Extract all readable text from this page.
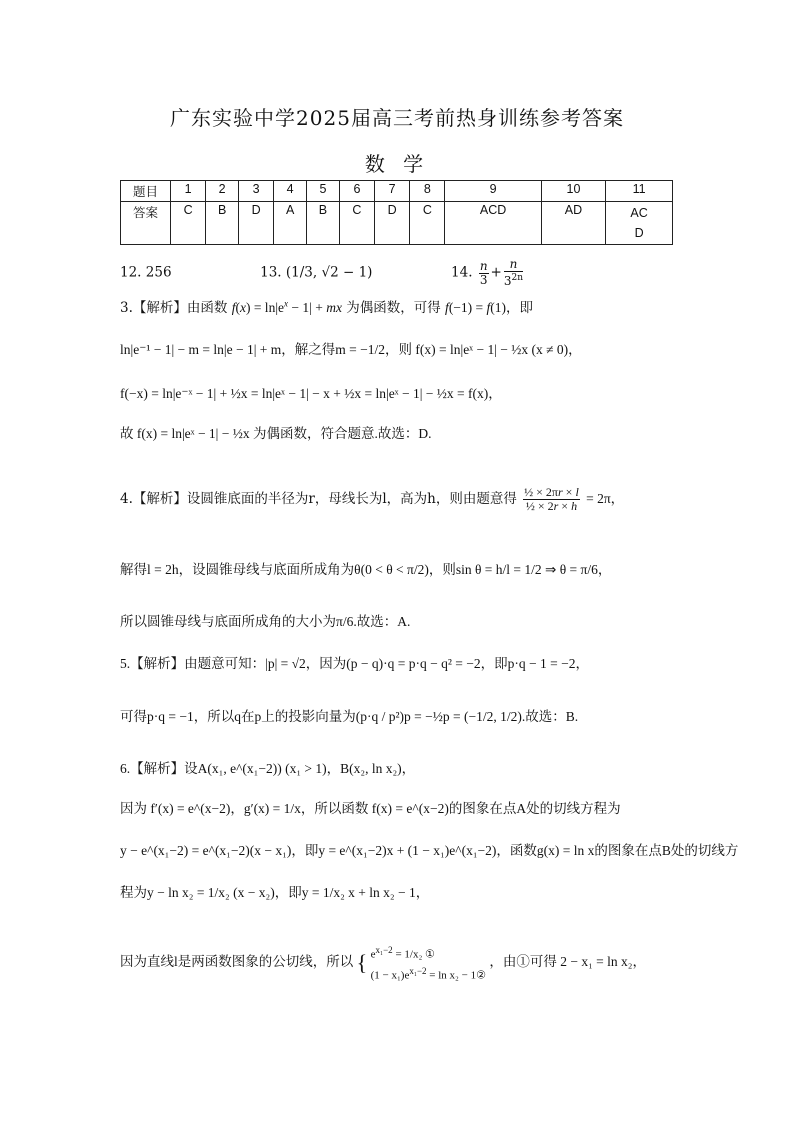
广东实验中学2025届高三考前热身训练参考答案
数 学
题目	1	2	3	4	5	6	7	8	9	10	11
答案	C	B	D	A	B	C	D	C	ACD	AD	ACD
12. 256	13. (1/3, √2 − 1)	14. $\frac{n}{3} + \frac{n}{3^{2n}}$
3.【解析】由函数 $f(x) = \ln|e^x - 1|$ + mx 为偶函数，可得 f(−1) = f(1)，即
ln|e⁻¹ − 1| − m = ln|e − 1| + m，解之得m = −1/2，则 f(x) = ln|eˣ − 1| − ½x (x ≠ 0)，
f(−x) = ln|e⁻ˣ − 1| + ½x = ln|eˣ − 1| − x + ½x = ln|eˣ − 1| − ½x = f(x)，
故 f(x) = ln|eˣ − 1| − ½x 为偶函数，符合题意.故选：D.
4.【解析】设圆锥底面的半径为r，母线长为l，高为h，则由题意得 $\frac{\text{½ × 2πr × l}}{\text{½ × 2r × h}} = 2\pi$，
解得l = 2h，设圆锥母线与底面所成角为θ(0 < θ < π/2)，则sin θ = h/l = 1/2 ⇒ θ = π/6，
所以圆锥母线与底面所成角的大小为π/6.故选：A.
5.【解析】由题意可知：|p| = √2，因为(p − q)·q = p·q − q² = −2，即p·q − 1 = −2，
可得p·q = −1，所以q在p上的投影向量为(p·q / p²)p = −½p = (−1/2, 1/2).故选：B.
6.【解析】设A(x₁, e^(x₁−2)) (x₁ > 1)，B(x₂, ln x₂)，
因为 f′(x) = e^(x−2)，g′(x) = 1/x，所以函数 f(x) = e^(x−2)的图象在点A处的切线方程为
y − e^(x₁−2) = e^(x₁−2)(x − x₁)，即y = e^(x₁−2)x + (1 − x₁)e^(x₁−2)，函数g(x) = ln x的图象在点B处的切线方
程为y − ln x₂ = 1/x₂ (x − x₂)，即y = 1/x₂ x + ln x₂ − 1，
因为直线l是两函数图象的公切线，所以 { $e^{x_1-2} = 1/x_2$ ①
$(1 - x_1)e^{x_1-2} = \ln x_2$ − 1② ，由①可得 2 − x₁ = ln x₂，
